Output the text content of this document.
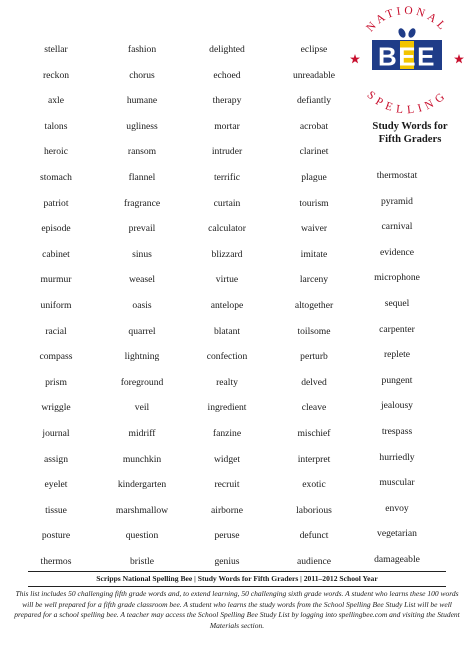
NATIONAL
SPELLING
BEE
Study Words for
Fifth Graders
stellar
reckon
axle
talons
heroic
stomach
patriot
episode
cabinet
murmur
uniform
racial
compass
prism
wriggle
journal
assign
eyelet
tissue
posture
thermos
fashion
chorus
humane
ugliness
ransom
flannel
fragrance
prevail
sinus
weasel
oasis
quarrel
lightning
foreground
veil
midriff
munchkin
kindergarten
marshmallow
question
bristle
delighted
echoed
therapy
mortar
intruder
terrific
curtain
calculator
blizzard
virtue
antelope
blatant
confection
realty
ingredient
fanzine
widget
recruit
airborne
peruse
genius
eclipse
unreadable
defiantly
acrobat
clarinet
plague
tourism
waiver
imitate
larceny
altogether
toilsome
perturb
delved
cleave
mischief
interpret
exotic
laborious
defunct
audience
thermostat
pyramid
carnival
evidence
microphone
sequel
carpenter
replete
pungent
jealousy
trespass
hurriedly
muscular
envoy
vegetarian
damageable
Scripps National Spelling Bee | Study Words for Fifth Graders | 2011–2012 School Year
This list includes 50 challenging fifth grade words and, to extend learning, 50 challenging sixth grade words. A student who learns these 100 words will be well prepared for a fifth grade classroom bee. A student who learns the study words from the School Spelling Bee Study List will be well prepared for a school spelling bee. A teacher may access the School Spelling Bee Study List by logging into spellingbee.com and visiting the Student Materials section.
